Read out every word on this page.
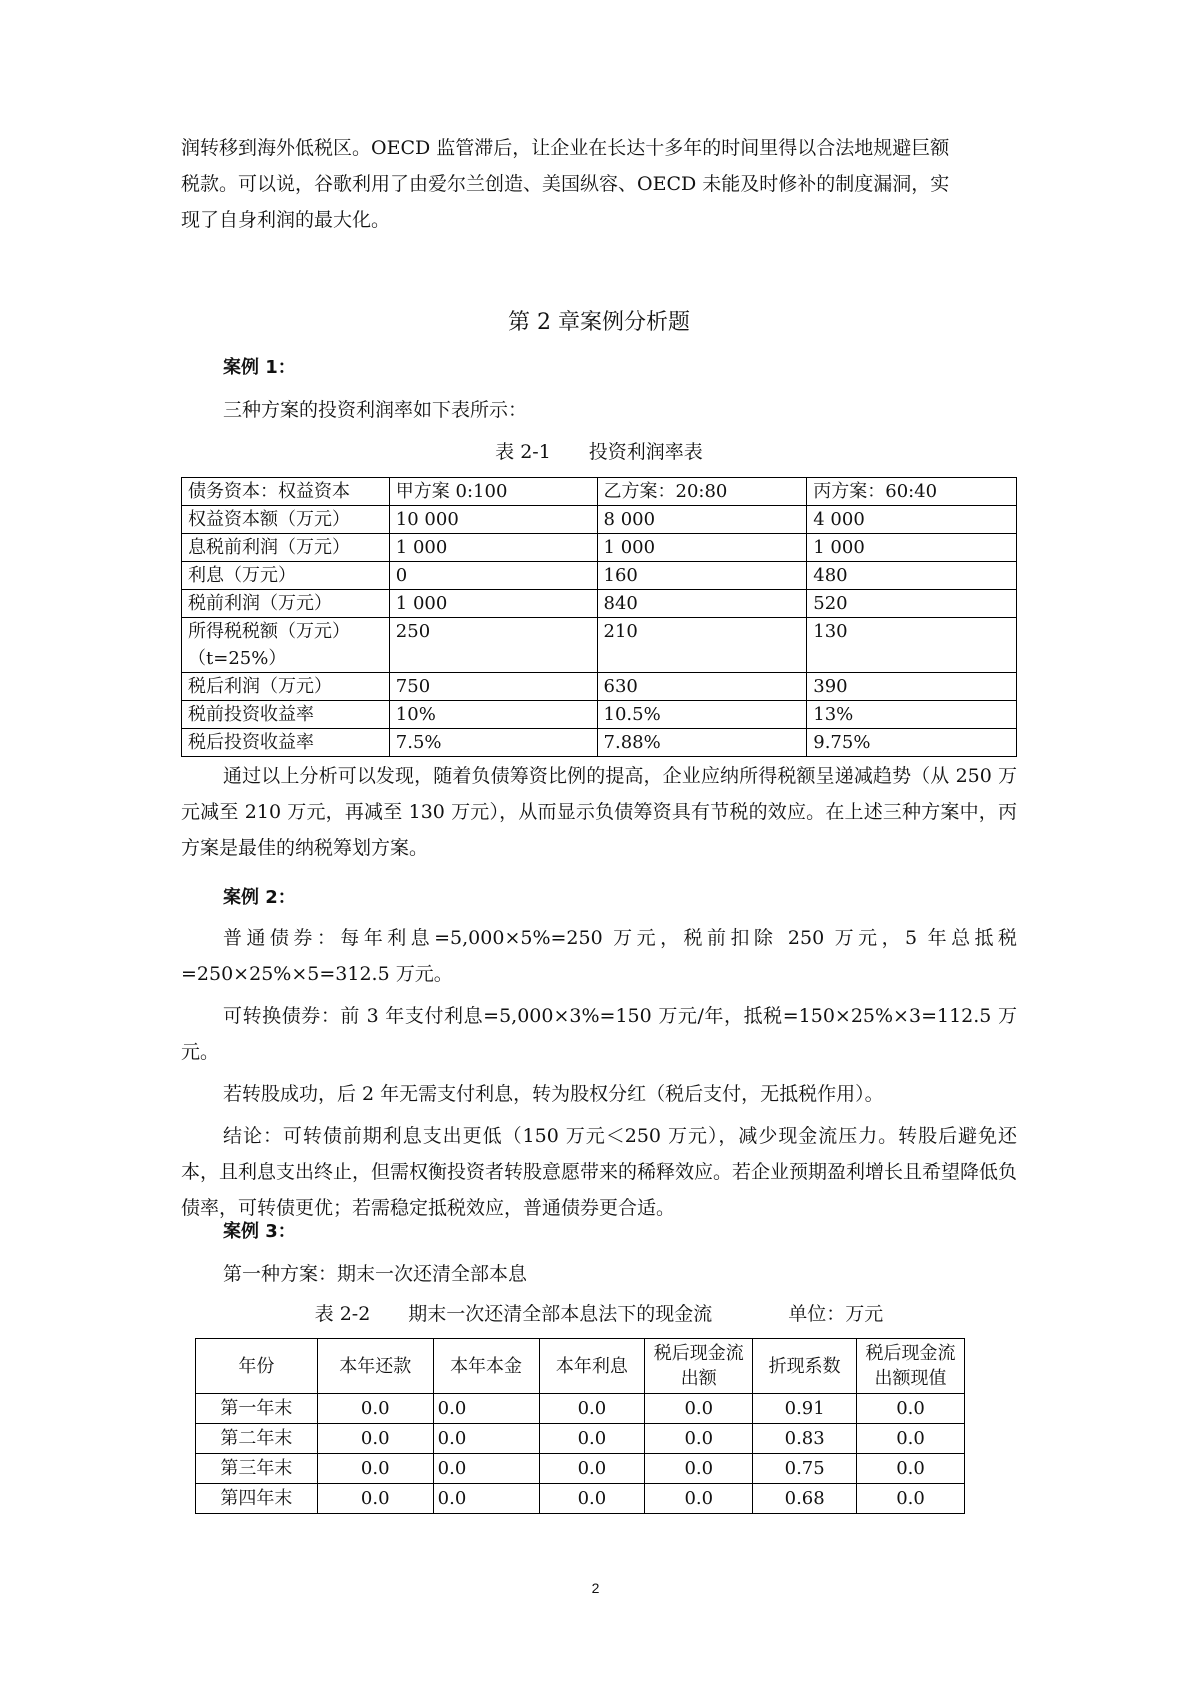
润转移到海外低税区。OECD 监管滞后，让企业在长达十多年的时间里得以合法地规避巨额

税款。可以说，谷歌利用了由爱尔兰创造、美国纵容、OECD 未能及时修补的制度漏洞，实

现了自身利润的最大化。

第 2 章案例分析题

案例 1：

三种方案的投资利润率如下表所示：

表 2-1　　投资利润率表

债务资本：权益资本	甲方案 0:100	乙方案：20:80	丙方案：60:40
权益资本额（万元）	10 000	8 000	4 000
息税前利润（万元）	1 000	1 000	1 000
利息（万元）	0	160	480
税前利润（万元）	1 000	840	520
所得税税额（万元）（t=25%）	250	210	130
税后利润（万元）	750	630	390
税前投资收益率	10%	10.5%	13%
税后投资收益率	7.5%	7.88%	9.75%

通过以上分析可以发现，随着负债筹资比例的提高，企业应纳所得税额呈递减趋势（从 250 万元减至 210 万元，再减至 130 万元），从而显示负债筹资具有节税的效应。在上述三种方案中，丙方案是最佳的纳税筹划方案。

案例 2：

普通债券：每年利息=5,000×5%=250 万元，税前扣除 250 万元，5 年总抵税 =250×25%×5=312.5 万元。

可转换债券：前 3 年支付利息=5,000×3%=150 万元/年，抵税=150×25%×3=112.5 万元。

若转股成功，后 2 年无需支付利息，转为股权分红（税后支付，无抵税作用）。

结论：可转债前期利息支出更低（150 万元＜250 万元），减少现金流压力。转股后避免还本，且利息支出终止，但需权衡投资者转股意愿带来的稀释效应。若企业预期盈利增长且希望降低负债率，可转债更优；若需稳定抵税效应，普通债券更合适。

案例 3：

第一种方案：期末一次还清全部本息

表 2-2　　期末一次还清全部本息法下的现金流　　　　单位：万元

年份	本年还款	本年本金	本年利息	税后现金流出额	折现系数	税后现金流出额现值
第一年末	0.0	0.0	0.0	0.0	0.91	0.0
第二年末	0.0	0.0	0.0	0.0	0.83	0.0
第三年末	0.0	0.0	0.0	0.0	0.75	0.0
第四年末	0.0	0.0	0.0	0.0	0.68	0.0
2
